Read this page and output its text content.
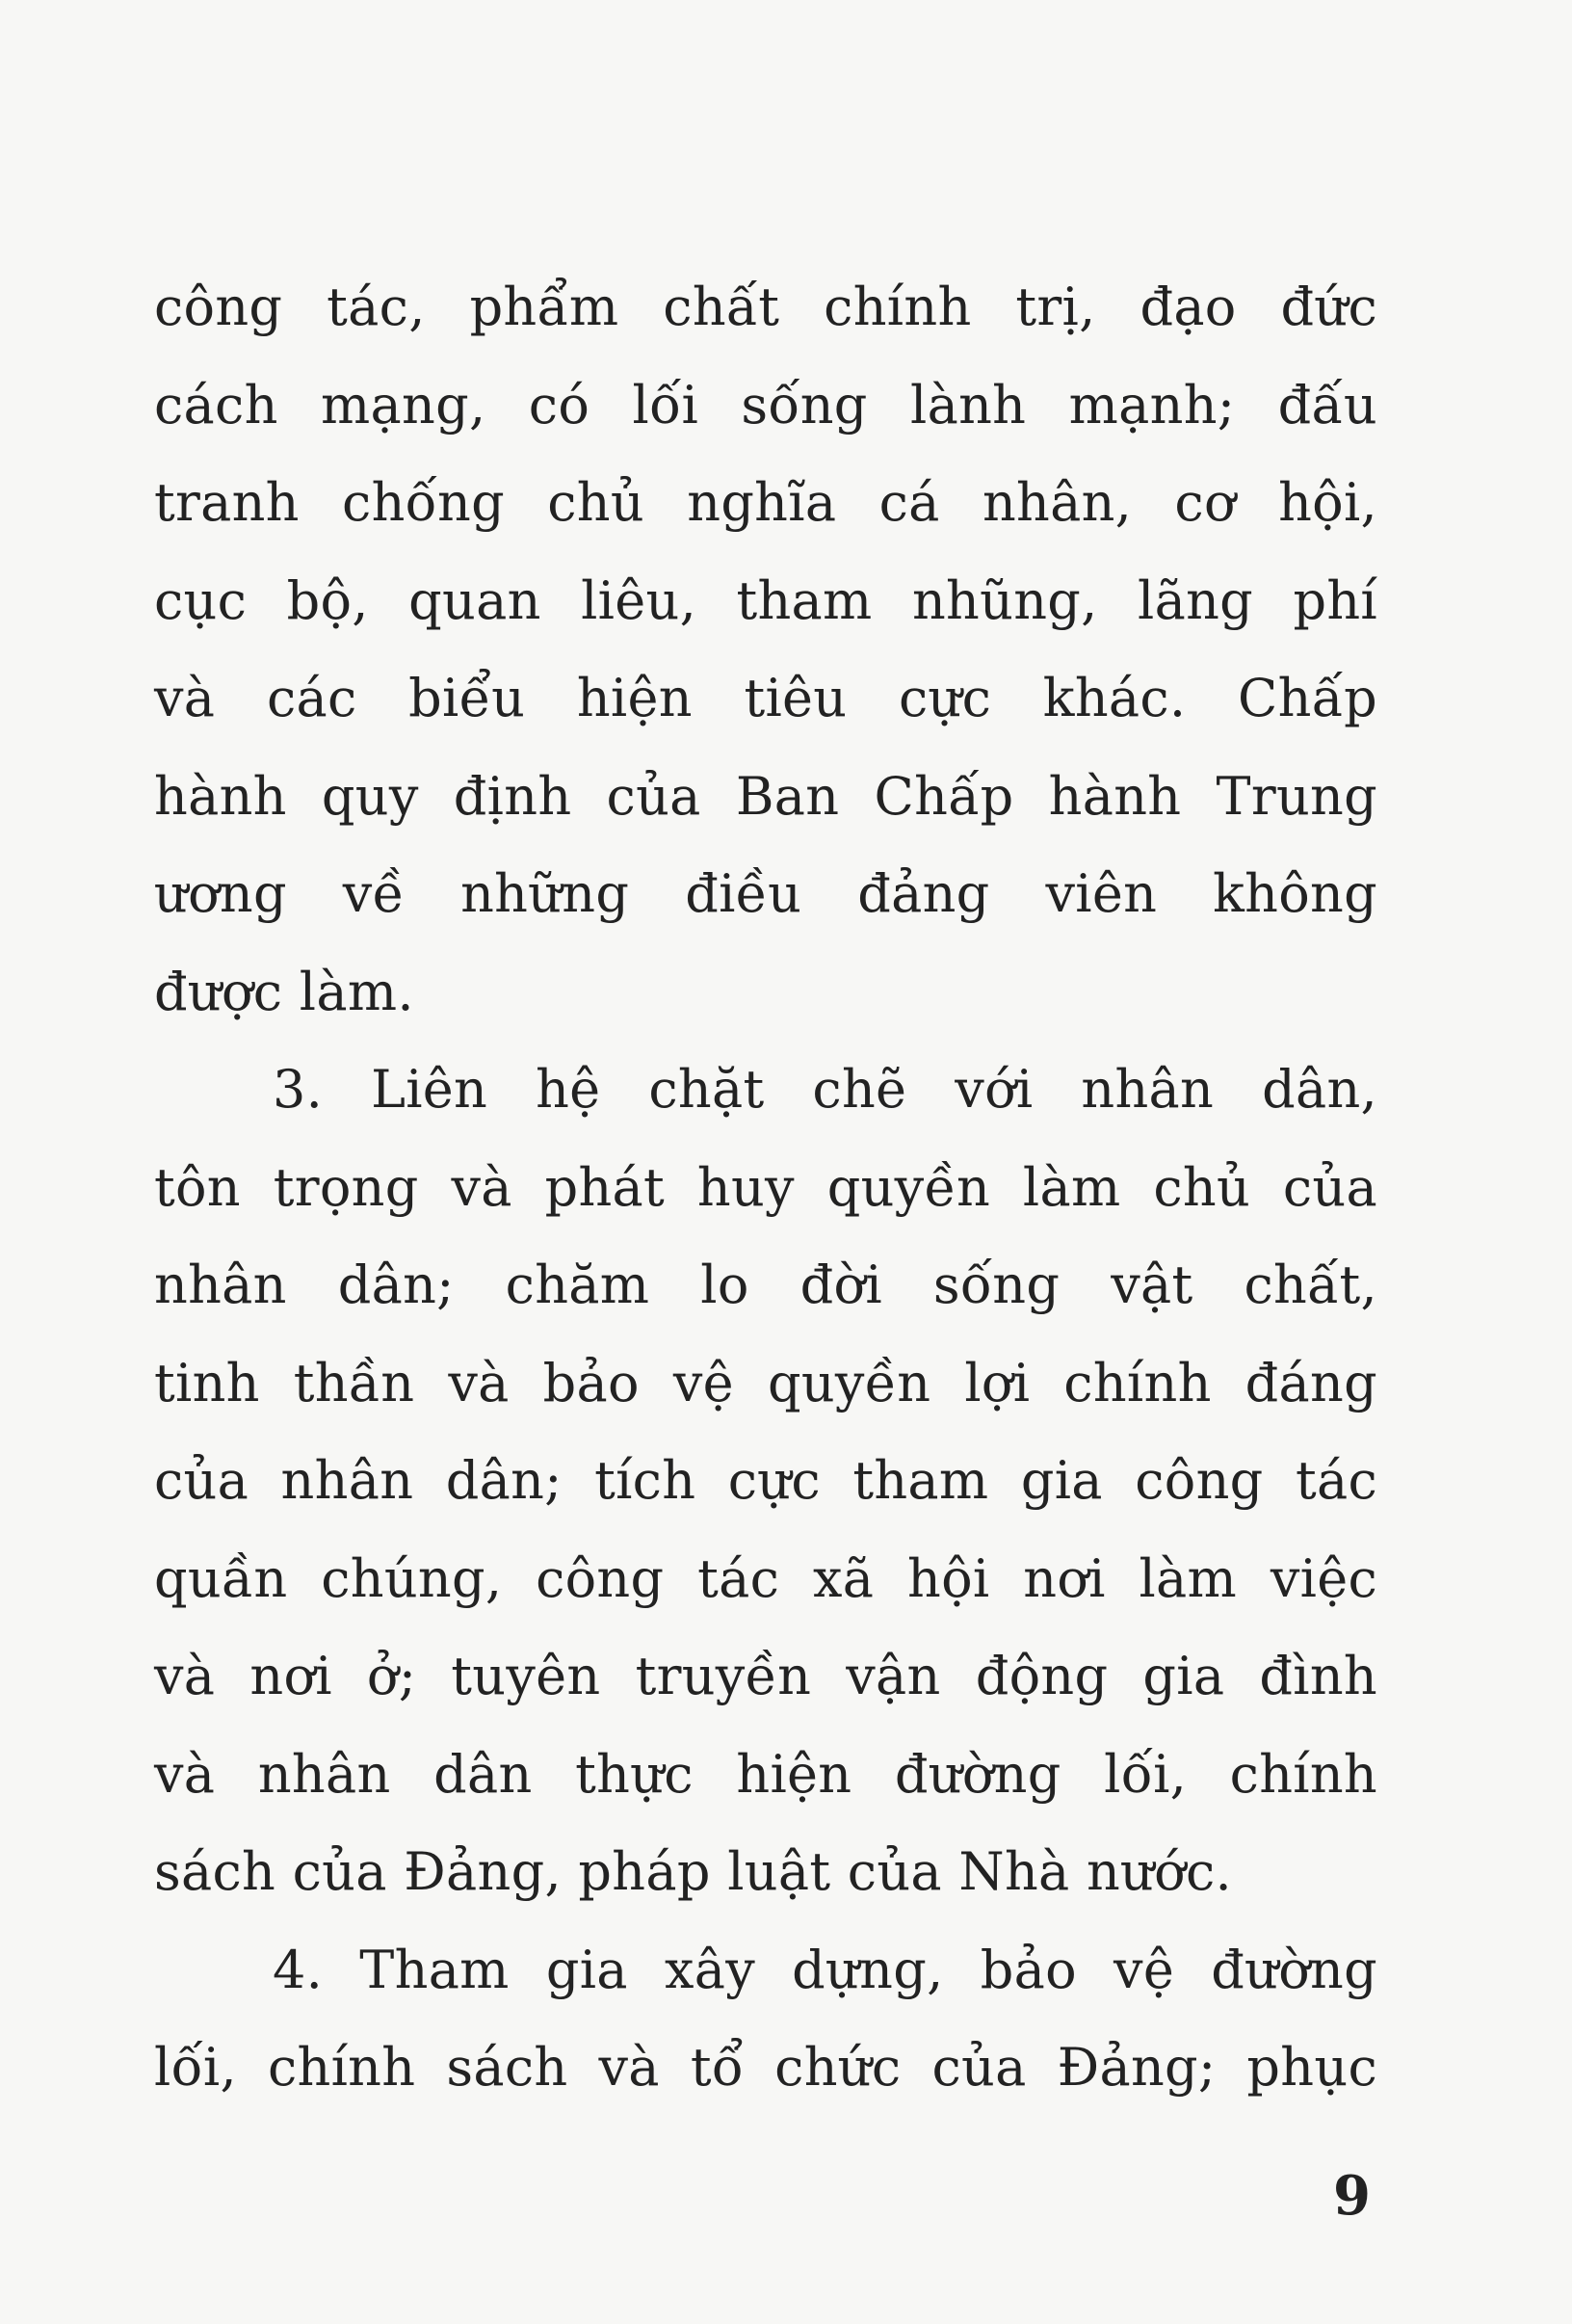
công tác, phẩm chất chính trị, đạo đức
cách mạng, có lối sống lành mạnh; đấu
tranh chống chủ nghĩa cá nhân, cơ hội,
cục bộ, quan liêu, tham nhũng, lãng phí
và các biểu hiện tiêu cực khác. Chấp
hành quy định của Ban Chấp hành Trung
ương về những điều đảng viên không
được làm.
3. Liên hệ chặt chẽ với nhân dân,
tôn trọng và phát huy quyền làm chủ của
nhân dân; chăm lo đời sống vật chất,
tinh thần và bảo vệ quyền lợi chính đáng
của nhân dân; tích cực tham gia công tác
quần chúng, công tác xã hội nơi làm việc
và nơi ở; tuyên truyền vận động gia đình
và nhân dân thực hiện đường lối, chính
sách của Đảng, pháp luật của Nhà nước.
4. Tham gia xây dựng, bảo vệ đường
lối, chính sách và tổ chức của Đảng; phục
9
